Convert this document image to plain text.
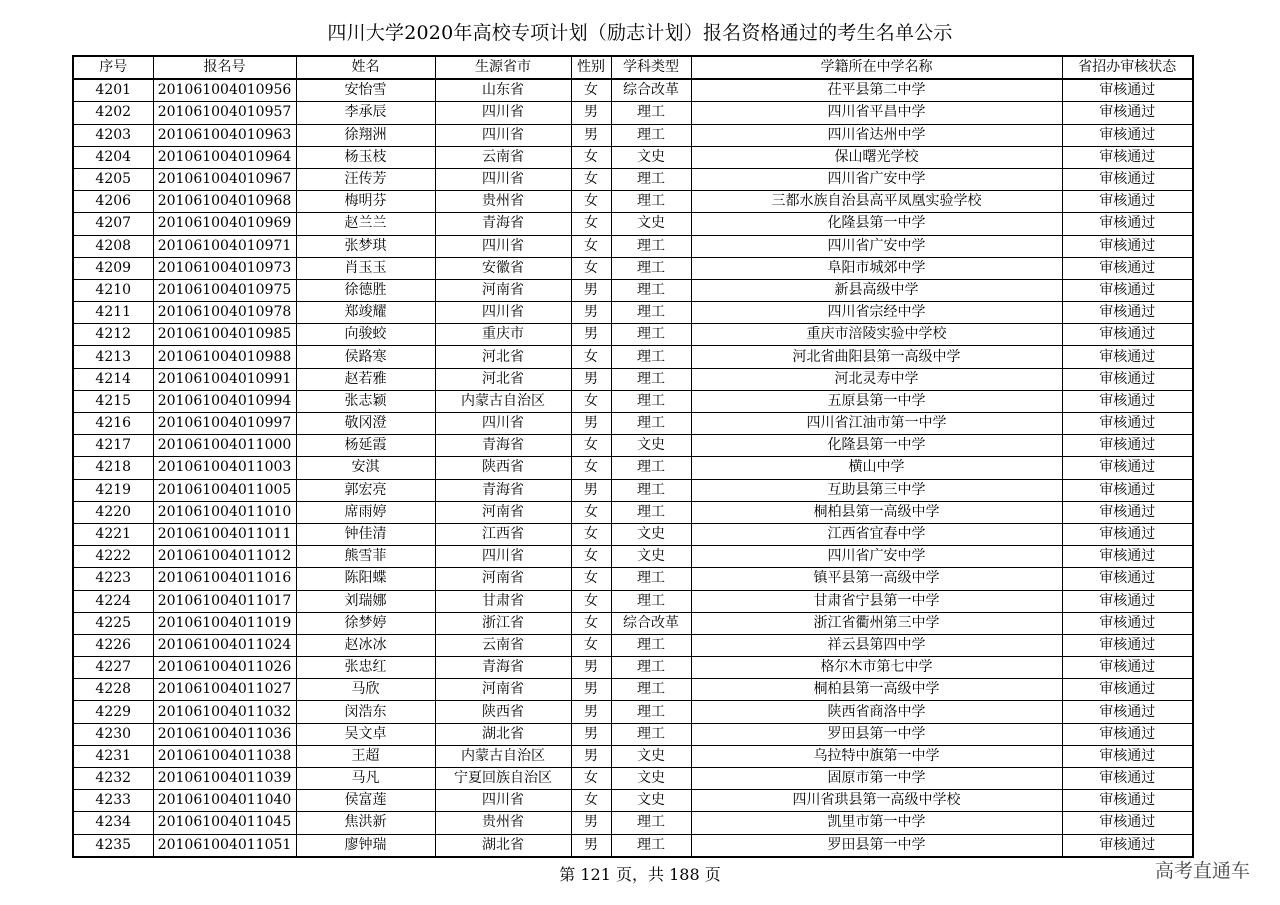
四川大学2020年高校专项计划（励志计划）报名资格通过的考生名单公示
序号	报名号	姓名	生源省市	性别	学科类型	学籍所在中学名称	省招办审核状态
4201	201061004010956	安怡雪	山东省	女	综合改革	茌平县第二中学	审核通过
4202	201061004010957	李承辰	四川省	男	理工	四川省平昌中学	审核通过
4203	201061004010963	徐翔洲	四川省	男	理工	四川省达州中学	审核通过
4204	201061004010964	杨玉枝	云南省	女	文史	保山曙光学校	审核通过
4205	201061004010967	汪传芳	四川省	女	理工	四川省广安中学	审核通过
4206	201061004010968	梅明芬	贵州省	女	理工	三都水族自治县高平凤凰实验学校	审核通过
4207	201061004010969	赵兰兰	青海省	女	文史	化隆县第一中学	审核通过
4208	201061004010971	张梦琪	四川省	女	理工	四川省广安中学	审核通过
4209	201061004010973	肖玉玉	安徽省	女	理工	阜阳市城郊中学	审核通过
4210	201061004010975	徐德胜	河南省	男	理工	新县高级中学	审核通过
4211	201061004010978	郑竣耀	四川省	男	理工	四川省宗经中学	审核通过
4212	201061004010985	向骏蛟	重庆市	男	理工	重庆市涪陵实验中学校	审核通过
4213	201061004010988	侯路寒	河北省	女	理工	河北省曲阳县第一高级中学	审核通过
4214	201061004010991	赵若雅	河北省	男	理工	河北灵寿中学	审核通过
4215	201061004010994	张志颖	内蒙古自治区	女	理工	五原县第一中学	审核通过
4216	201061004010997	敬冈澄	四川省	男	理工	四川省江油市第一中学	审核通过
4217	201061004011000	杨延霞	青海省	女	文史	化隆县第一中学	审核通过
4218	201061004011003	安淇	陕西省	女	理工	横山中学	审核通过
4219	201061004011005	郭宏亮	青海省	男	理工	互助县第三中学	审核通过
4220	201061004011010	席雨婷	河南省	女	理工	桐柏县第一高级中学	审核通过
4221	201061004011011	钟佳清	江西省	女	文史	江西省宜春中学	审核通过
4222	201061004011012	熊雪菲	四川省	女	文史	四川省广安中学	审核通过
4223	201061004011016	陈阳蝶	河南省	女	理工	镇平县第一高级中学	审核通过
4224	201061004011017	刘瑞娜	甘肃省	女	理工	甘肃省宁县第一中学	审核通过
4225	201061004011019	徐梦婷	浙江省	女	综合改革	浙江省衢州第三中学	审核通过
4226	201061004011024	赵冰冰	云南省	女	理工	祥云县第四中学	审核通过
4227	201061004011026	张忠红	青海省	男	理工	格尔木市第七中学	审核通过
4228	201061004011027	马欣	河南省	男	理工	桐柏县第一高级中学	审核通过
4229	201061004011032	闵浩东	陕西省	男	理工	陕西省商洛中学	审核通过
4230	201061004011036	吴文卓	湖北省	男	理工	罗田县第一中学	审核通过
4231	201061004011038	王超	内蒙古自治区	男	文史	乌拉特中旗第一中学	审核通过
4232	201061004011039	马凡	宁夏回族自治区	女	文史	固原市第一中学	审核通过
4233	201061004011040	侯富莲	四川省	女	文史	四川省珙县第一高级中学校	审核通过
4234	201061004011045	焦洪新	贵州省	男	理工	凯里市第一中学	审核通过
4235	201061004011051	廖钟瑞	湖北省	男	理工	罗田县第一中学	审核通过
第 121 页，共 188 页	高考直通车
